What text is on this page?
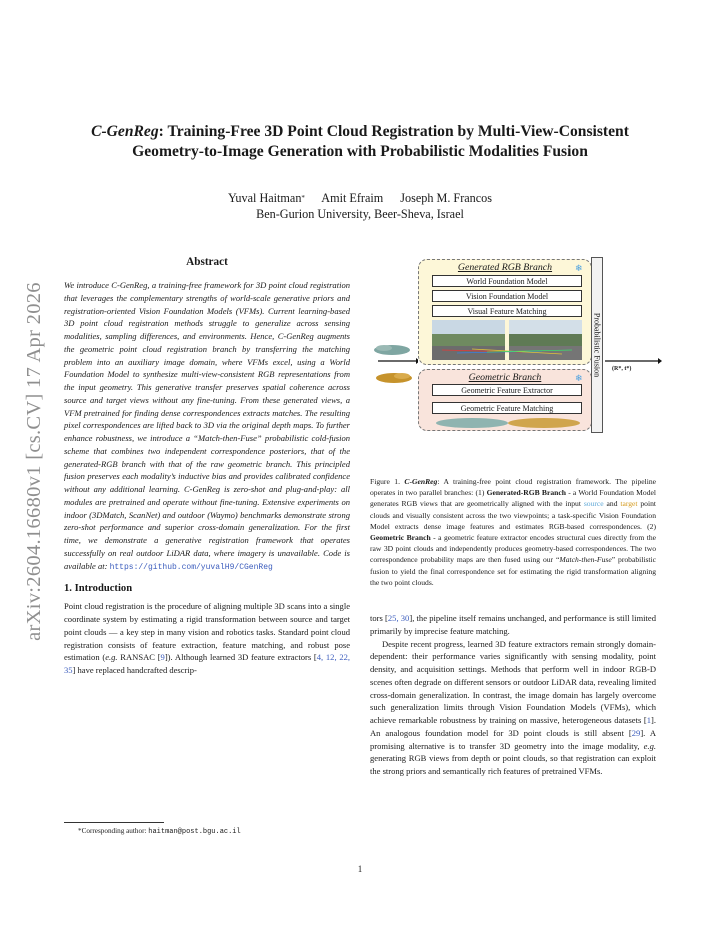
arXiv:2604.16680v1 [cs.CV] 17 Apr 2026
C-GenReg: Training-Free 3D Point Cloud Registration by Multi-View-Consistent
Geometry-to-Image Generation with Probabilistic Modalities Fusion
Yuval Haitman* Amit Efraim Joseph M. Francos
Ben-Gurion University, Beer-Sheva, Israel
Abstract

We introduce C-GenReg, a training-free framework for 3D point cloud registration that leverages the complementary strengths of world-scale generative priors and registration-oriented Vision Foundation Models (VFMs). Current learning-based 3D point cloud registration methods struggle to generalize across sensing modalities, sampling differences, and environments. Hence, C-GenReg augments the geometric point cloud registration branch by transferring the matching problem into an auxiliary image domain, where VFMs excel, using a World Foundation Model to synthesize multi-view-consistent RGB representations from the input geometry. This generative transfer preserves spatial coherence across source and target views without any fine-tuning. From these generated views, a VFM pretrained for finding dense correspondences extracts matches. The resulting pixel correspondences are lifted back to 3D via the original depth maps. To further enhance robustness, we introduce a “Match-then-Fuse” probabilistic cold-fusion scheme that combines two independent correspondence posteriors, that of the generated-RGB branch with that of the raw geometric branch. This principled fusion preserves each modality’s inductive bias and provides calibrated confidence without any additional learning. C-GenReg is zero-shot and plug-and-play: all modules are pretrained and operate without fine-tuning. Extensive experiments on indoor (3DMatch, ScanNet) and outdoor (Waymo) benchmarks demonstrate strong zero-shot performance and superior cross-domain generalization. For the first time, we demonstrate a generative registration framework that operates successfully on real outdoor LiDAR data, where imagery is unavailable. Code is available at: https://github.com/yuvalH9/CGenReg

1. Introduction

Point cloud registration is the procedure of aligning multiple 3D scans into a single coordinate system by estimating a rigid transformation between source and target point clouds — a key step in many vision and robotics tasks. Standard point cloud registration consists of feature extraction, feature matching, and robust pose estimation (e.g. RANSAC [9]). Although learned 3D feature extractors [4, 12, 22, 35] have replaced handcrafted descrip-

*Corresponding author: haitman@post.bgu.ac.il
Generated RGB Branch	❄
World Foundation Model
Vision Foundation Model
Visual Feature Matching
Geometric Branch	❄
Geometric Feature Extractor
Geometric Feature Matching
Probabilistic Fusion (R*, t*)
Figure 1. C-GenReg: A training-free point cloud registration framework. The pipeline operates in two parallel branches: (1) Generated-RGB Branch - a World Foundation Model generates RGB views that are geometrically aligned with the input source and target point clouds and visually consistent across the two viewpoints; a task-specific Vision Foundation Model extracts dense image features and estimates RGB-based correspondences. (2) Geometric Branch - a geometric feature extractor encodes structural cues directly from the raw 3D point clouds and independently produces geometry-based correspondences. The two correspondence probability maps are then fused using our “Match-then-Fuse” probabilistic fusion to yield the final correspondence set for estimating the rigid transformation aligning the two point clouds.

tors [25, 30], the pipeline itself remains unchanged, and performance is still limited primarily by imprecise feature matching.

Despite recent progress, learned 3D feature extractors remain strongly domain-dependent: their performance varies significantly with sensing modality, point density, and acquisition settings. Methods that perform well in indoor RGB-D scenes often degrade on different sensors or outdoor LiDAR data, revealing limited cross-domain generalization. In contrast, the image domain has largely overcome such generalization limits through Vision Foundation Models (VFMs), which achieve remarkable robustness by training on massive, heterogeneous datasets [1]. An analogous foundation model for 3D point clouds is still absent [29]. A promising alternative is to transfer 3D geometry into the image modality, e.g. generating RGB views from depth or point clouds, so that registration can exploit the strong priors and semantically rich features of pretrained VFMs.

1
